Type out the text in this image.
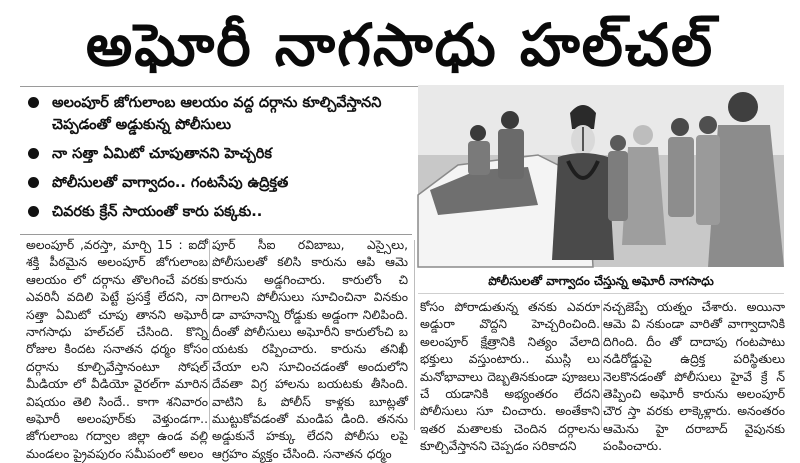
అఘోరీ నాగసాధు హల్‌చల్
అలంపూర్ జోగులాంబ ఆలయం వద్ద దర్గాను కూల్చివేస్తానని చెప్పడంతో అడ్డుకున్న పోలీసులు
నా సత్తా ఏమిటో చూపుతానని హెచ్చరిక
పోలీసులతో వాగ్వాదం.. గంటసేపు ఉద్రిక్తత
చివరకు క్రేన్ సాయంతో కారు పక్కకు..
పోలీసులతో వాగ్వాదం చేస్తున్న అఘోరీ నాగసాధు

అలంపూర్ ,వరస్తా, మార్చి 15 : ఐదో శక్తి పీఠమైన అలంపూర్ జోగులాంబ ఆలయం లో దర్గాను తొలగించే వరకు ఎవరినీ వదిలి పెట్టే ప్రసక్తే లేదని, నా సత్తా ఏమిటో చూపు తానని అఘోరీ నాగసాధు హల్‌చల్ చేసింది. కొన్ని రోజుల కిందట సనాతన ధర్మం కోసం దర్గాను కూల్చివేస్తానంటూ సోషల్ మీడియా లో వీడియో వైరల్‌గా మారిన విషయం తెలి సిందే.. కాగా శనివారం అఘోరీ అలంపూర్‌కు వెళ్తుండగా.. జోగులాంబ గద్వాల జిల్లా ఉండ వల్లి మండలం ప్రైవపురం సమీపంలో అలం

పూర్ సీఐ రవిబాబు, ఎస్సైలు, పోలీసులతో కలిసి కారును ఆపి ఆమె కారును అడ్డగించారు. కారులోం చి దిగాలని పోలీసులు సూచించినా వినకుం డా వాహనాన్ని రోడ్డుకు అడ్డంగా నిలిపింది. దీంతో పోలీసులు అఘోరీని కారులోంచి బ యటకు రప్పించారు. కారును తనిఖీ చేయా లని సూచించడంతో అందులోని దేవతా విగ్ర హాలను బయటకు తీసింది. వాటిని ఓ పోలీస్ కాళ్లకు బూట్లతో ముట్టుకోవడంతో మండిప డింది. తనను అడ్డుకునే హక్కు లేదని పోలీసు లపై ఆగ్రహం వ్యక్తం చేసింది. సనాతన ధర్మం

కోసం పోరాడుతున్న తనకు ఎవరూ అడ్డురా వొద్దని హెచ్చరించింది. అలంపూర్ క్షేత్రానికి నిత్యం వేలాది భక్తులు వస్తుంటారు.. ముస్లి లు మనోభావాలు దెబ్బతినకుండా పూజలు చే యడానికి అభ్యంతరం లేదని పోలీసులు సూ చించారు. అంతేకాని ఇతర మతాలకు చెందిన దర్గాలను కూల్చివేస్తానని చెప్పడం సరికాదని

నచ్చజెప్పే యత్నం చేశారు. అయినా ఆమె వి నకుండా వారితో వాగ్వాదానికి దిగింది. దీం తో దాదాపు గంటపాటు నడిరోడ్డుపై ఉద్రిక్త పరిస్థితులు నెలకొనడంతో పోలీసులు హైవే క్రే న్ తెప్పించి అఘోరీ కారును అలంపూర్ చౌర స్తా వరకు లాక్కెళ్లారు. అనంతరం ఆమెను హై దరాబాద్ వైపునకు పంపించారు.
